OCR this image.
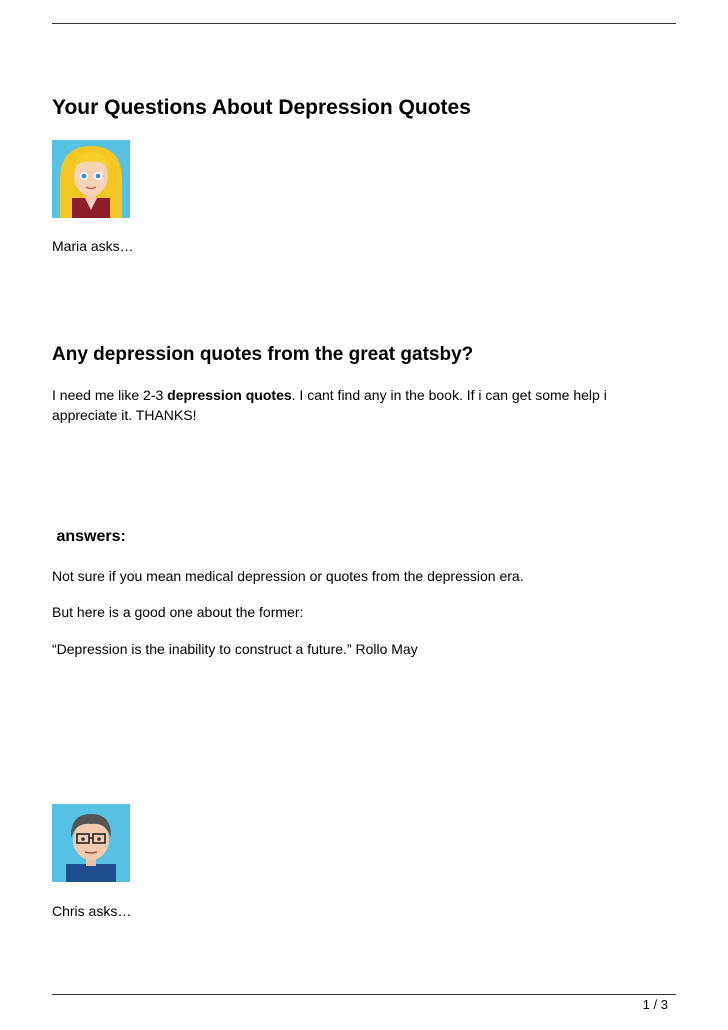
Your Questions About Depression Quotes

Maria asks…

Any depression quotes from the great gatsby?

I need me like 2-3 depression quotes. I cant find any in the book. If i can get some help i appreciate it. THANKS!

answers:

Not sure if you mean medical depression or quotes from the depression era.

But here is a good one about the former:

“Depression is the inability to construct a future.” Rollo May

Chris asks…

1 / 3
